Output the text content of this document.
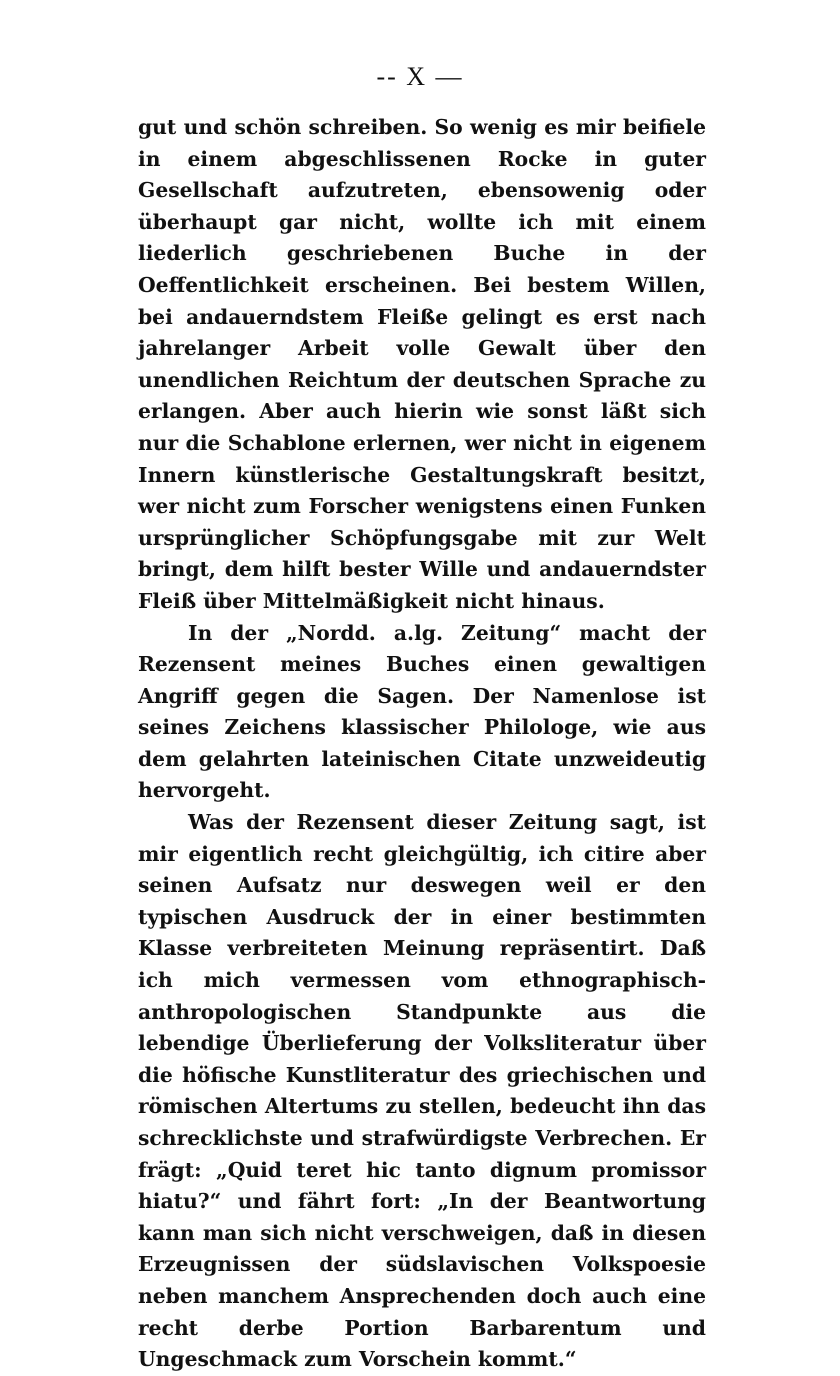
-- X —

gut und schön schreiben. So wenig es mir beifiele in einem abgeschlissenen Rocke in guter Gesellschaft aufzutreten, ebensowenig oder überhaupt gar nicht, wollte ich mit einem liederlich geschriebenen Buche in der Oeffentlichkeit erscheinen. Bei bestem Willen, bei andauerndstem Fleiße gelingt es erst nach jahrelanger Arbeit volle Gewalt über den unendlichen Reichtum der deutschen Sprache zu erlangen. Aber auch hierin wie sonst läßt sich nur die Schablone erlernen, wer nicht in eigenem Innern künstlerische Gestaltungskraft besitzt, wer nicht zum Forscher wenigstens einen Funken ursprünglicher Schöpfungsgabe mit zur Welt bringt, dem hilft bester Wille und andauerndster Fleiß über Mittelmäßigkeit nicht hinaus.

In der „Nordd. a.lg. Zeitung“ macht der Rezensent meines Buches einen gewaltigen Angriff gegen die Sagen. Der Namenlose ist seines Zeichens klassischer Philologe, wie aus dem gelahrten lateinischen Citate unzweideutig hervorgeht.

Was der Rezensent dieser Zeitung sagt, ist mir eigentlich recht gleichgültig, ich citire aber seinen Aufsatz nur deswegen weil er den typischen Ausdruck der in einer bestimmten Klasse verbreiteten Meinung repräsentirt. Daß ich mich vermessen vom ethnographisch-anthropologischen Standpunkte aus die lebendige Überlieferung der Volksliteratur über die höfische Kunstliteratur des griechischen und römischen Altertums zu stellen, bedeucht ihn das schrecklichste und strafwürdigste Verbrechen. Er frägt: „Quid teret hic tanto dignum promissor hiatu?“ und fährt fort: „In der Beantwortung kann man sich nicht verschweigen, daß in diesen Erzeugnissen der südslavischen Volkspoesie neben manchem Ansprechenden doch auch eine recht derbe Portion Barbarentum und Ungeschmack zum Vorschein kommt.“
